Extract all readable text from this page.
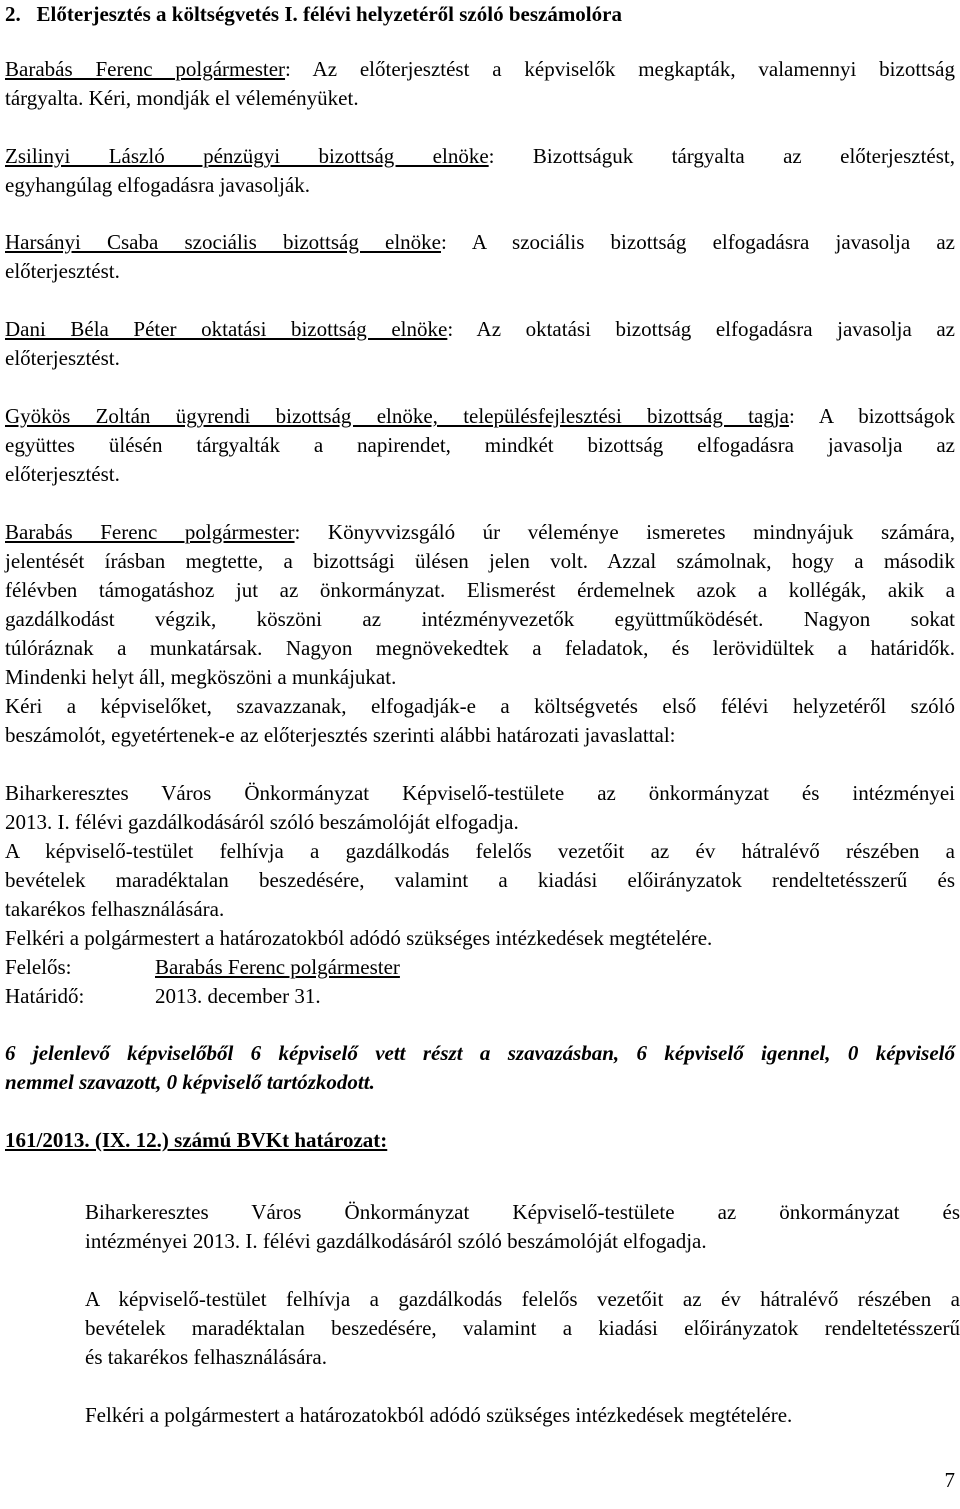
2. Előterjesztés a költségvetés I. félévi helyzetéről szóló beszámolóra
Barabás Ferenc polgármester: Az előterjesztést a képviselők megkapták, valamennyi bizottság
tárgyalta. Kéri, mondják el véleményüket.
Zsilinyi László pénzügyi bizottság elnöke: Bizottságuk tárgyalta az előterjesztést,
egyhangúlag elfogadásra javasolják.
Harsányi Csaba szociális bizottság elnöke: A szociális bizottság elfogadásra javasolja az
előterjesztést.
Dani Béla Péter oktatási bizottság elnöke: Az oktatási bizottság elfogadásra javasolja az
előterjesztést.
Gyökös Zoltán ügyrendi bizottság elnöke, településfejlesztési bizottság tagja: A bizottságok
együttes ülésén tárgyalták a napirendet, mindkét bizottság elfogadásra javasolja az
előterjesztést.
Barabás Ferenc polgármester: Könyvvizsgáló úr véleménye ismeretes mindnyájuk számára,
jelentését írásban megtette, a bizottsági ülésen jelen volt. Azzal számolnak, hogy a második
félévben támogatáshoz jut az önkormányzat. Elismerést érdemelnek azok a kollégák, akik a
gazdálkodást végzik, köszöni az intézményvezetők együttműködését. Nagyon sokat
túlóráznak a munkatársak. Nagyon megnövekedtek a feladatok, és lerövidültek a határidők.
Mindenki helyt áll, megköszöni a munkájukat.
Kéri a képviselőket, szavazzanak, elfogadják-e a költségvetés első félévi helyzetéről szóló
beszámolót, egyetértenek-e az előterjesztés szerinti alábbi határozati javaslattal:
Biharkeresztes Város Önkormányzat Képviselő-testülete az önkormányzat és intézményei
2013. I. félévi gazdálkodásáról szóló beszámolóját elfogadja.
A képviselő-testület felhívja a gazdálkodás felelős vezetőit az év hátralévő részében a
bevételek maradéktalan beszedésére, valamint a kiadási előirányzatok rendeltetésszerű és
takarékos felhasználására.
Felkéri a polgármestert a határozatokból adódó szükséges intézkedések megtételére.
Felelős:	Barabás Ferenc polgármester
Határidő:	2013. december 31.
6 jelenlevő képviselőből 6 képviselő vett részt a szavazásban, 6 képviselő igennel, 0 képviselő
nemmel szavazott, 0 képviselő tartózkodott.
161/2013. (IX. 12.) számú BVKt határozat:
Biharkeresztes Város Önkormányzat Képviselő-testülete az önkormányzat és
intézményei 2013. I. félévi gazdálkodásáról szóló beszámolóját elfogadja.
A képviselő-testület felhívja a gazdálkodás felelős vezetőit az év hátralévő részében a
bevételek maradéktalan beszedésére, valamint a kiadási előirányzatok rendeltetésszerű
és takarékos felhasználására.
Felkéri a polgármestert a határozatokból adódó szükséges intézkedések megtételére.
7
